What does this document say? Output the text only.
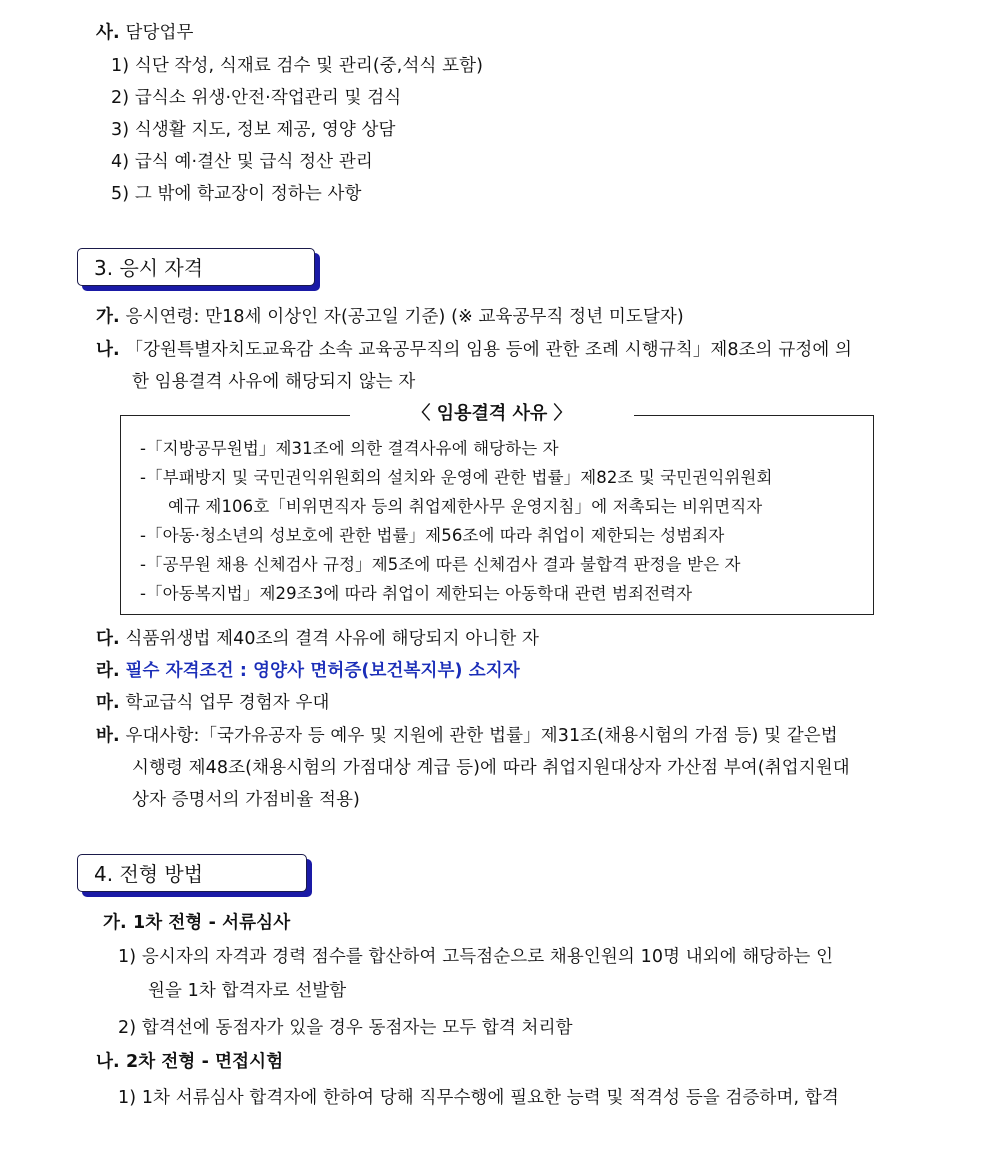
사. 담당업무
1) 식단 작성, 식재료 검수 및 관리(중,석식 포함)
2) 급식소 위생·안전·작업관리 및 검식
3) 식생활 지도, 정보 제공, 영양 상담
4) 급식 예·결산 및 급식 정산 관리
5) 그 밖에 학교장이 정하는 사항
3. 응시 자격
가. 응시연령: 만18세 이상인 자(공고일 기준) (※ 교육공무직 정년 미도달자)
나. 「강원특별자치도교육감 소속 교육공무직의 임용 등에 관한 조례 시행규칙」제8조의 규정에 의
한 임용결격 사유에 해당되지 않는 자
〈 임용결격 사유 〉
-「지방공무원법」제31조에 의한 결격사유에 해당하는 자
-「부패방지 및 국민권익위원회의 설치와 운영에 관한 법률」제82조 및 국민권익위원회
예규 제106호「비위면직자 등의 취업제한사무 운영지침」에 저촉되는 비위면직자
-「아동·청소년의 성보호에 관한 법률」제56조에 따라 취업이 제한되는 성범죄자
-「공무원 채용 신체검사 규정」제5조에 따른 신체검사 결과 불합격 판정을 받은 자
-「아동복지법」제29조3에 따라 취업이 제한되는 아동학대 관련 범죄전력자
다. 식품위생법 제40조의 결격 사유에 해당되지 아니한 자
라. 필수 자격조건 : 영양사 면허증(보건복지부) 소지자
마. 학교급식 업무 경험자 우대
바. 우대사항:「국가유공자 등 예우 및 지원에 관한 법률」제31조(채용시험의 가점 등) 및 같은법
시행령 제48조(채용시험의 가점대상 계급 등)에 따라 취업지원대상자 가산점 부여(취업지원대
상자 증명서의 가점비율 적용)
4. 전형 방법
가. 1차 전형 - 서류심사
1) 응시자의 자격과 경력 점수를 합산하여 고득점순으로 채용인원의 10명 내외에 해당하는 인
원을 1차 합격자로 선발함
2) 합격선에 동점자가 있을 경우 동점자는 모두 합격 처리함
나. 2차 전형 - 면접시험
1) 1차 서류심사 합격자에 한하여 당해 직무수행에 필요한 능력 및 적격성 등을 검증하며, 합격
